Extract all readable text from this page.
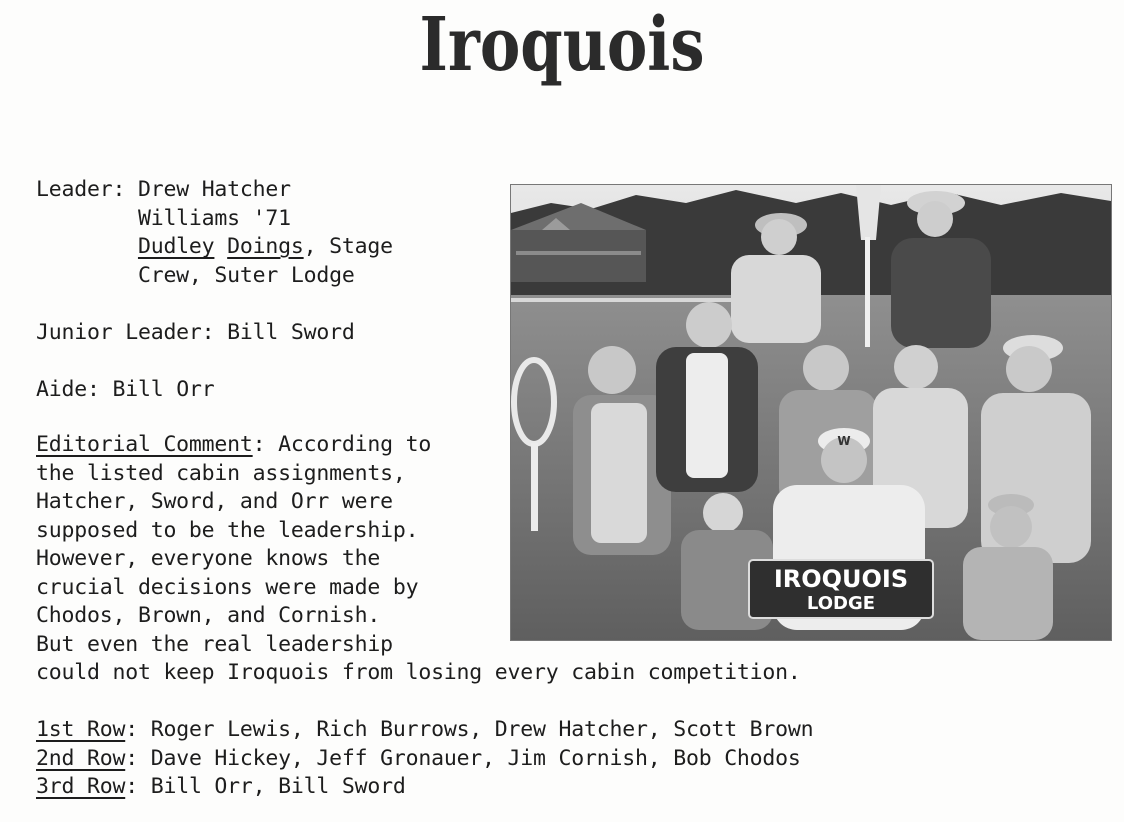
Iroquois
Leader: Drew Hatcher
Williams '71
Dudley Doings, Stage
Crew, Suter Lodge
Junior Leader: Bill Sword
Aide: Bill Orr
Editorial Comment: According to
the listed cabin assignments,
Hatcher, Sword, and Orr were
supposed to be the leadership.
However, everyone knows the
crucial decisions were made by
Chodos, Brown, and Cornish.
But even the real leadership
could not keep Iroquois from losing every cabin competition.
1st Row: Roger Lewis, Rich Burrows, Drew Hatcher, Scott Brown
2nd Row: Dave Hickey, Jeff Gronauer, Jim Cornish, Bob Chodos
3rd Row: Bill Orr, Bill Sword
IROQUOIS
LODGE
W
